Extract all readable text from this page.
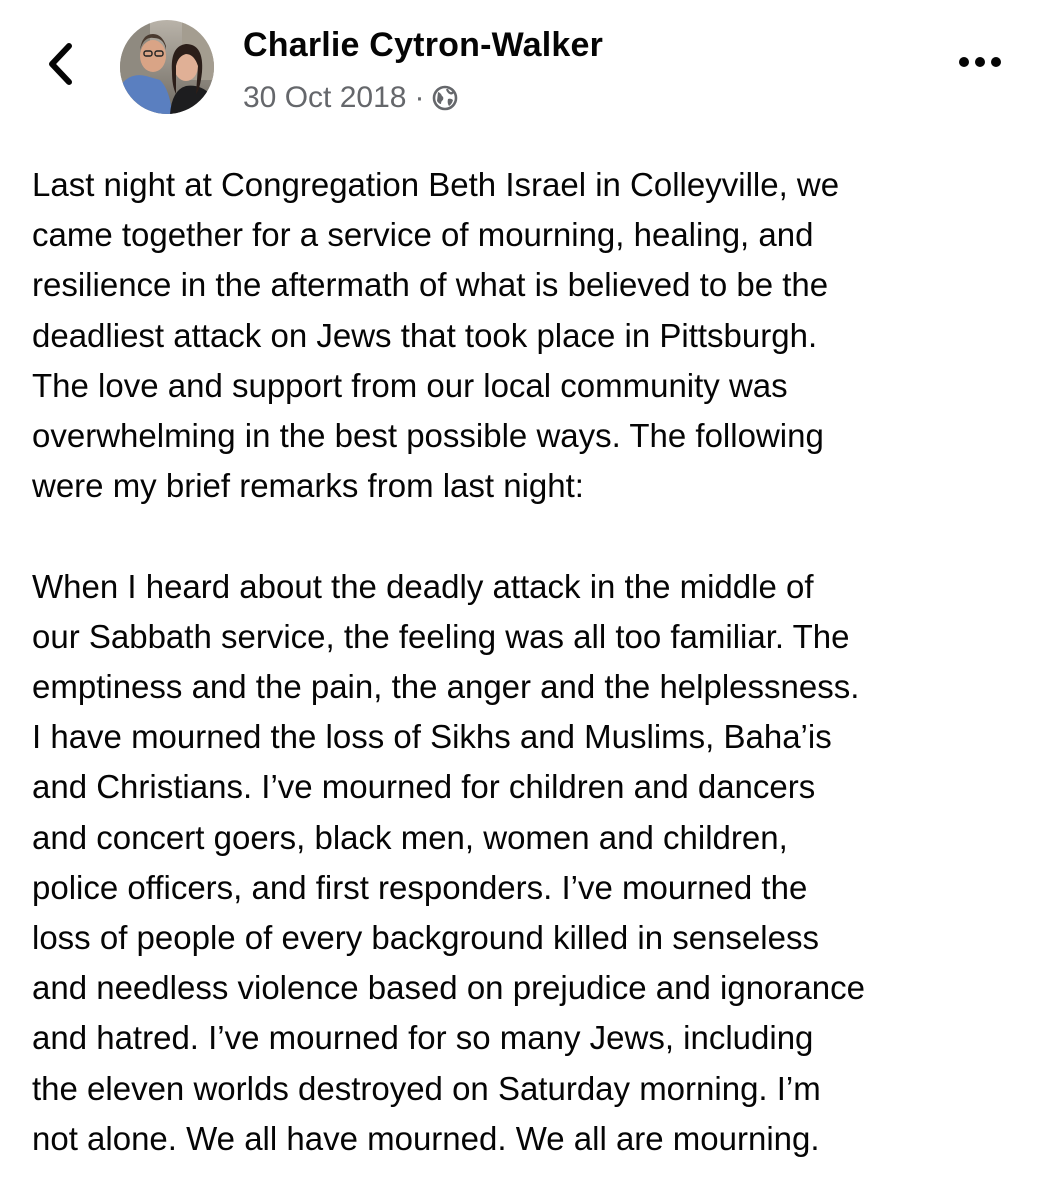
Charlie Cytron-Walker
30 Oct 2018 ·

Last night at Congregation Beth Israel in Colleyville, we

came together for a service of mourning, healing, and

resilience in the aftermath of what is believed to be the

deadliest attack on Jews that took place in Pittsburgh.

The love and support from our local community was

overwhelming in the best possible ways. The following

were my brief remarks from last night:

When I heard about the deadly attack in the middle of

our Sabbath service, the feeling was all too familiar. The

emptiness and the pain, the anger and the helplessness.

I have mourned the loss of Sikhs and Muslims, Baha’is

and Christians. I’ve mourned for children and dancers

and concert goers, black men, women and children,

police officers, and first responders. I’ve mourned the

loss of people of every background killed in senseless

and needless violence based on prejudice and ignorance

and hatred. I’ve mourned for so many Jews, including

the eleven worlds destroyed on Saturday morning. I’m

not alone. We all have mourned. We all are mourning.
